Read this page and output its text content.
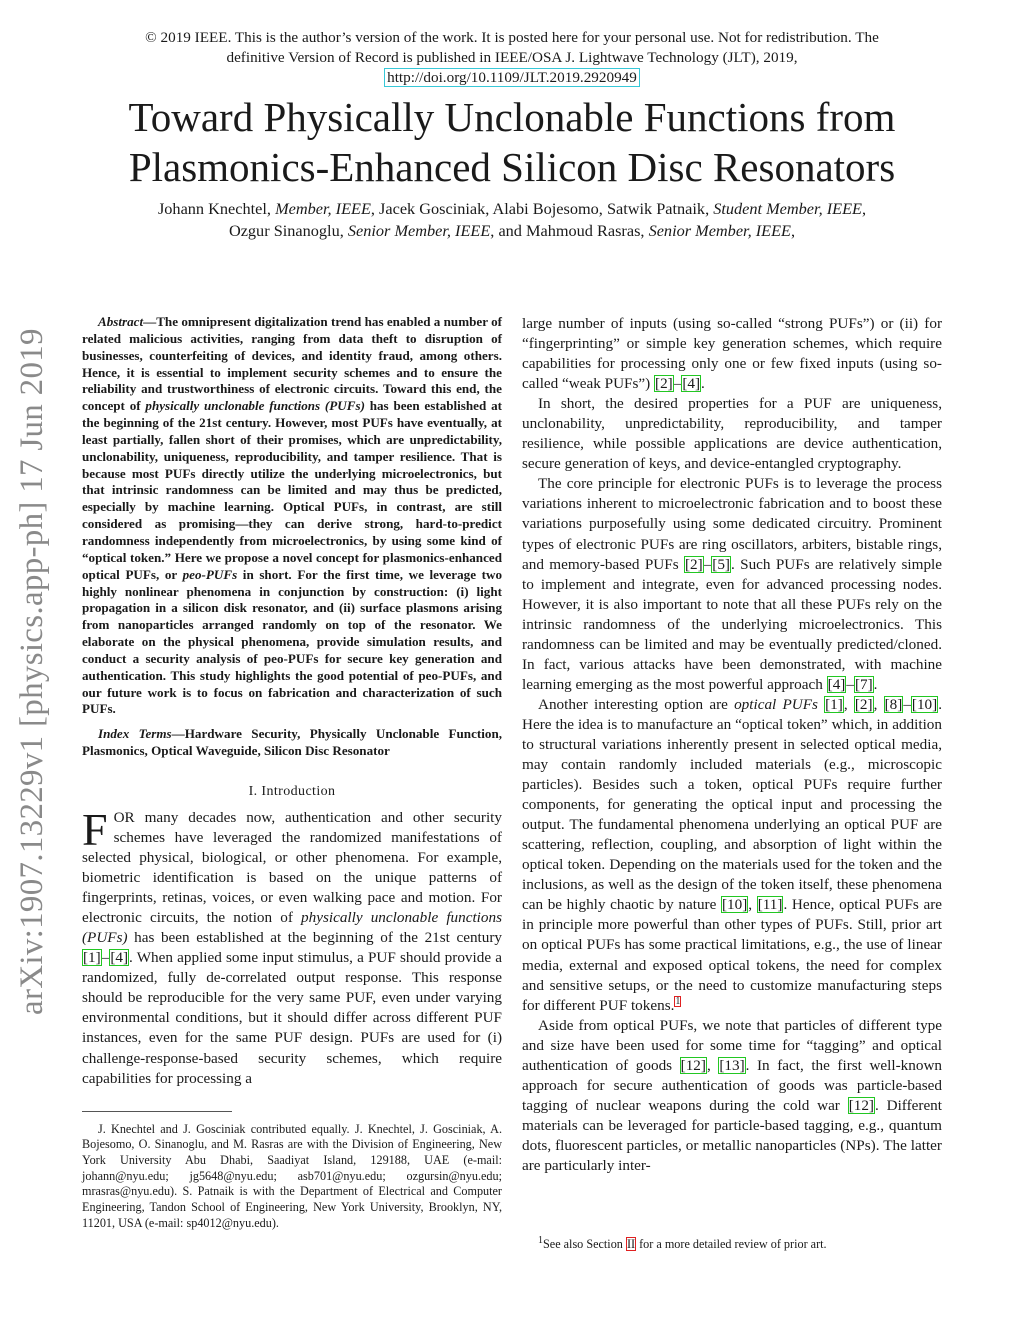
© 2019 IEEE. This is the author’s version of the work. It is posted here for your personal use. Not for redistribution. The
definitive Version of Record is published in IEEE/OSA J. Lightwave Technology (JLT), 2019,
http://doi.org/10.1109/JLT.2019.2920949
Toward Physically Unclonable Functions from
Plasmonics-Enhanced Silicon Disc Resonators
Johann Knechtel, Member, IEEE, Jacek Gosciniak, Alabi Bojesomo, Satwik Patnaik, Student Member, IEEE,
Ozgur Sinanoglu, Senior Member, IEEE, and Mahmoud Rasras, Senior Member, IEEE,
arXiv:1907.13229v1 [physics.app-ph] 17 Jun 2019

Abstract—The omnipresent digitalization trend has enabled a number of related malicious activities, ranging from data theft to disruption of businesses, counterfeiting of devices, and identity fraud, among others. Hence, it is essential to implement security schemes and to ensure the reliability and trustworthiness of electronic circuits. Toward this end, the concept of physically unclonable functions (PUFs) has been established at the beginning of the 21st century. However, most PUFs have eventually, at least partially, fallen short of their promises, which are unpredictability, unclonability, uniqueness, reproducibility, and tamper resilience. That is because most PUFs directly utilize the underlying microelectronics, but that intrinsic randomness can be limited and may thus be predicted, especially by machine learning. Optical PUFs, in contrast, are still considered as promising—they can derive strong, hard-to-predict randomness independently from microelectronics, by using some kind of “optical token.” Here we propose a novel concept for plasmonics-enhanced optical PUFs, or peo-PUFs in short. For the first time, we leverage two highly nonlinear phenomena in conjunction by construction: (i) light propagation in a silicon disk resonator, and (ii) surface plasmons arising from nanoparticles arranged randomly on top of the resonator. We elaborate on the physical phenomena, provide simulation results, and conduct a security analysis of peo-PUFs for secure key generation and authentication. This study highlights the good potential of peo-PUFs, and our future work is to focus on fabrication and characterization of such PUFs.

Index Terms—Hardware Security, Physically Unclonable Function, Plasmonics, Optical Waveguide, Silicon Disc Resonator

I. Introduction

FOR many decades now, authentication and other security schemes have leveraged the randomized manifestations of selected physical, biological, or other phenomena. For example, biometric identification is based on the unique patterns of fingerprints, retinas, voices, or even walking pace and motion. For electronic circuits, the notion of physically unclonable functions (PUFs) has been established at the beginning of the 21st century [1]–[4]. When applied some input stimulus, a PUF should provide a randomized, fully de-correlated output response. This response should be reproducible for the very same PUF, even under varying environmental conditions, but it should differ across different PUF instances, even for the same PUF design. PUFs are used for (i) challenge-response-based security schemes, which require capabilities for processing a

J. Knechtel and J. Gosciniak contributed equally. J. Knechtel, J. Gosciniak, A. Bojesomo, O. Sinanoglu, and M. Rasras are with the Division of Engineering, New York University Abu Dhabi, Saadiyat Island, 129188, UAE (e-mail: johann@nyu.edu; jg5648@nyu.edu; asb701@nyu.edu; ozgursin@nyu.edu; mrasras@nyu.edu). S. Patnaik is with the Department of Electrical and Computer Engineering, Tandon School of Engineering, New York University, Brooklyn, NY, 11201, USA (e-mail: sp4012@nyu.edu).

large number of inputs (using so-called “strong PUFs”) or (ii) for “fingerprinting” or simple key generation schemes, which require capabilities for processing only one or few fixed inputs (using so-called “weak PUFs”) [2]–[4].

In short, the desired properties for a PUF are uniqueness, unclonability, unpredictability, reproducibility, and tamper resilience, while possible applications are device authentication, secure generation of keys, and device-entangled cryptography.

The core principle for electronic PUFs is to leverage the process variations inherent to microelectronic fabrication and to boost these variations purposefully using some dedicated circuitry. Prominent types of electronic PUFs are ring oscillators, arbiters, bistable rings, and memory-based PUFs [2]–[5]. Such PUFs are relatively simple to implement and integrate, even for advanced processing nodes. However, it is also important to note that all these PUFs rely on the intrinsic randomness of the underlying microelectronics. This randomness can be limited and may be eventually predicted/cloned. In fact, various attacks have been demonstrated, with machine learning emerging as the most powerful approach [4]–[7].

Another interesting option are optical PUFs [1], [2], [8]–[10]. Here the idea is to manufacture an “optical token” which, in addition to structural variations inherently present in selected optical media, may contain randomly included materials (e.g., microscopic particles). Besides such a token, optical PUFs require further components, for generating the optical input and processing the output. The fundamental phenomena underlying an optical PUF are scattering, reflection, coupling, and absorption of light within the optical token. Depending on the materials used for the token and the inclusions, as well as the design of the token itself, these phenomena can be highly chaotic by nature [10], [11]. Hence, optical PUFs are in principle more powerful than other types of PUFs. Still, prior art on optical PUFs has some practical limitations, e.g., the use of linear media, external and exposed optical tokens, the need for complex and sensitive setups, or the need to customize manufacturing steps for different PUF tokens.$^1$

Aside from optical PUFs, we note that particles of different type and size have been used for some time for “tagging” and optical authentication of goods [12], [13]. In fact, the first well-known approach for secure authentication of goods was particle-based tagging of nuclear weapons during the cold war [12]. Different materials can be leveraged for particle-based tagging, e.g., quantum dots, fluorescent particles, or metallic nanoparticles (NPs). The latter are particularly inter-

$^1$See also Section II for a more detailed review of prior art.
